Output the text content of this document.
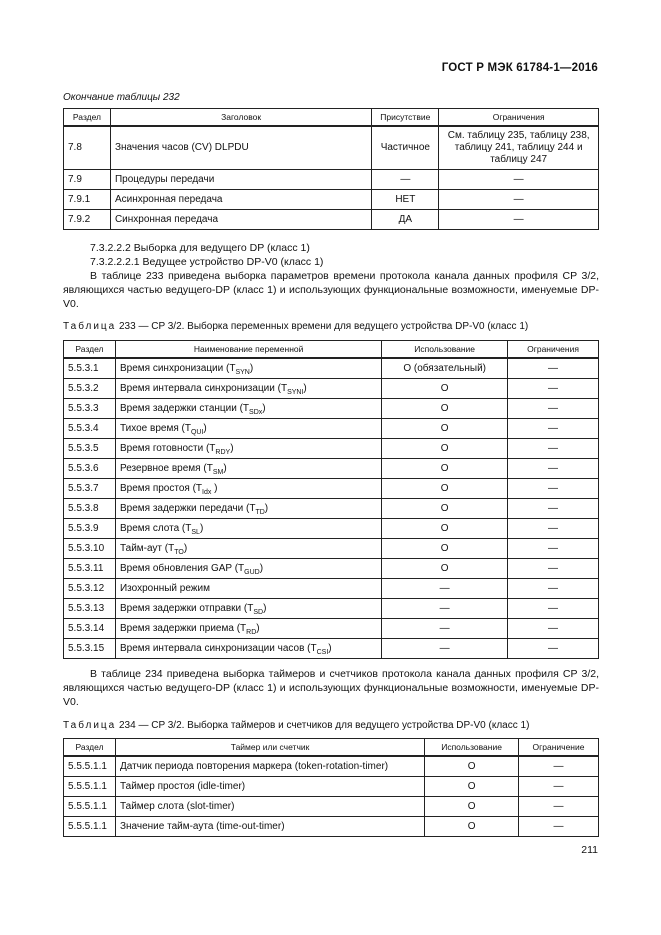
ГОСТ Р МЭК 61784-1—2016
Окончание таблицы 232
Раздел	Заголовок	Присутствие	Ограничения
7.8	Значения часов (CV) DLPDU	Частичное	См. таблицу 235, таблицу 238, таблицу 241, таблицу 244 и таблицу 247
7.9	Процедуры передачи	—	—
7.9.1	Асинхронная передача	НЕТ	—
7.9.2	Синхронная передача	ДА	—
7.3.2.2.2 Выборка для ведущего DP (класс 1)
7.3.2.2.2.1 Ведущее устройство DP-V0 (класс 1)
В таблице 233 приведена выборка параметров времени протокола канала данных профиля CP 3/2, являющихся частью ведущего-DP (класс 1) и использующих функциональные возможности, именуемые DP-V0.
Таблица 233 — CP 3/2. Выборка переменных времени для ведущего устройства DP-V0 (класс 1)
Раздел	Наименование переменной	Использование	Ограничения
5.5.3.1	Время синхронизации $(T_{SYN})$	О (обязательный)	—
5.5.3.2	Время интервала синхронизации $(T_{SYNI})$	О	—
5.5.3.3	Время задержки станции $(T_{SDx})$	О	—
5.5.3.4	Тихое время $(T_{QUI})$	О	—
5.5.3.5	Время готовности $(T_{RDY})$	О	—
5.5.3.6	Резервное время $(T_{SM})$	О	—
5.5.3.7	Время простоя ($T_{Idx}$ )	О	—
5.5.3.8	Время задержки передачи $(T_{TD})$	О	—
5.5.3.9	Время слота $(T_{SL})$	О	—
5.5.3.10	Тайм-аут $(T_{TO})$	О	—
5.5.3.11	Время обновления GAP $(T_{GUD})$	О	—
5.5.3.12	Изохронный режим	—	—
5.5.3.13	Время задержки отправки $(T_{SD})$	—	—
5.5.3.14	Время задержки приема $(T_{RD})$	—	—
5.5.3.15	Время интервала синхронизации часов $(T_{CSI})$	—	—
В таблице 234 приведена выборка таймеров и счетчиков протокола канала данных профиля CP 3/2, являющихся частью ведущего-DP (класс 1) и использующих функциональные возможности, именуемые DP-V0.
Таблица 234 — CP 3/2. Выборка таймеров и счетчиков для ведущего устройства DP-V0 (класс 1)
Раздел	Таймер или счетчик	Использование	Ограничение
5.5.5.1.1	Датчик периода повторения маркера (token-rotation-timer)	О	—
5.5.5.1.1	Таймер простоя (idle-timer)	О	—
5.5.5.1.1	Таймер слота (slot-timer)	О	—
5.5.5.1.1	Значение тайм-аута (time-out-timer)	О	—
211
